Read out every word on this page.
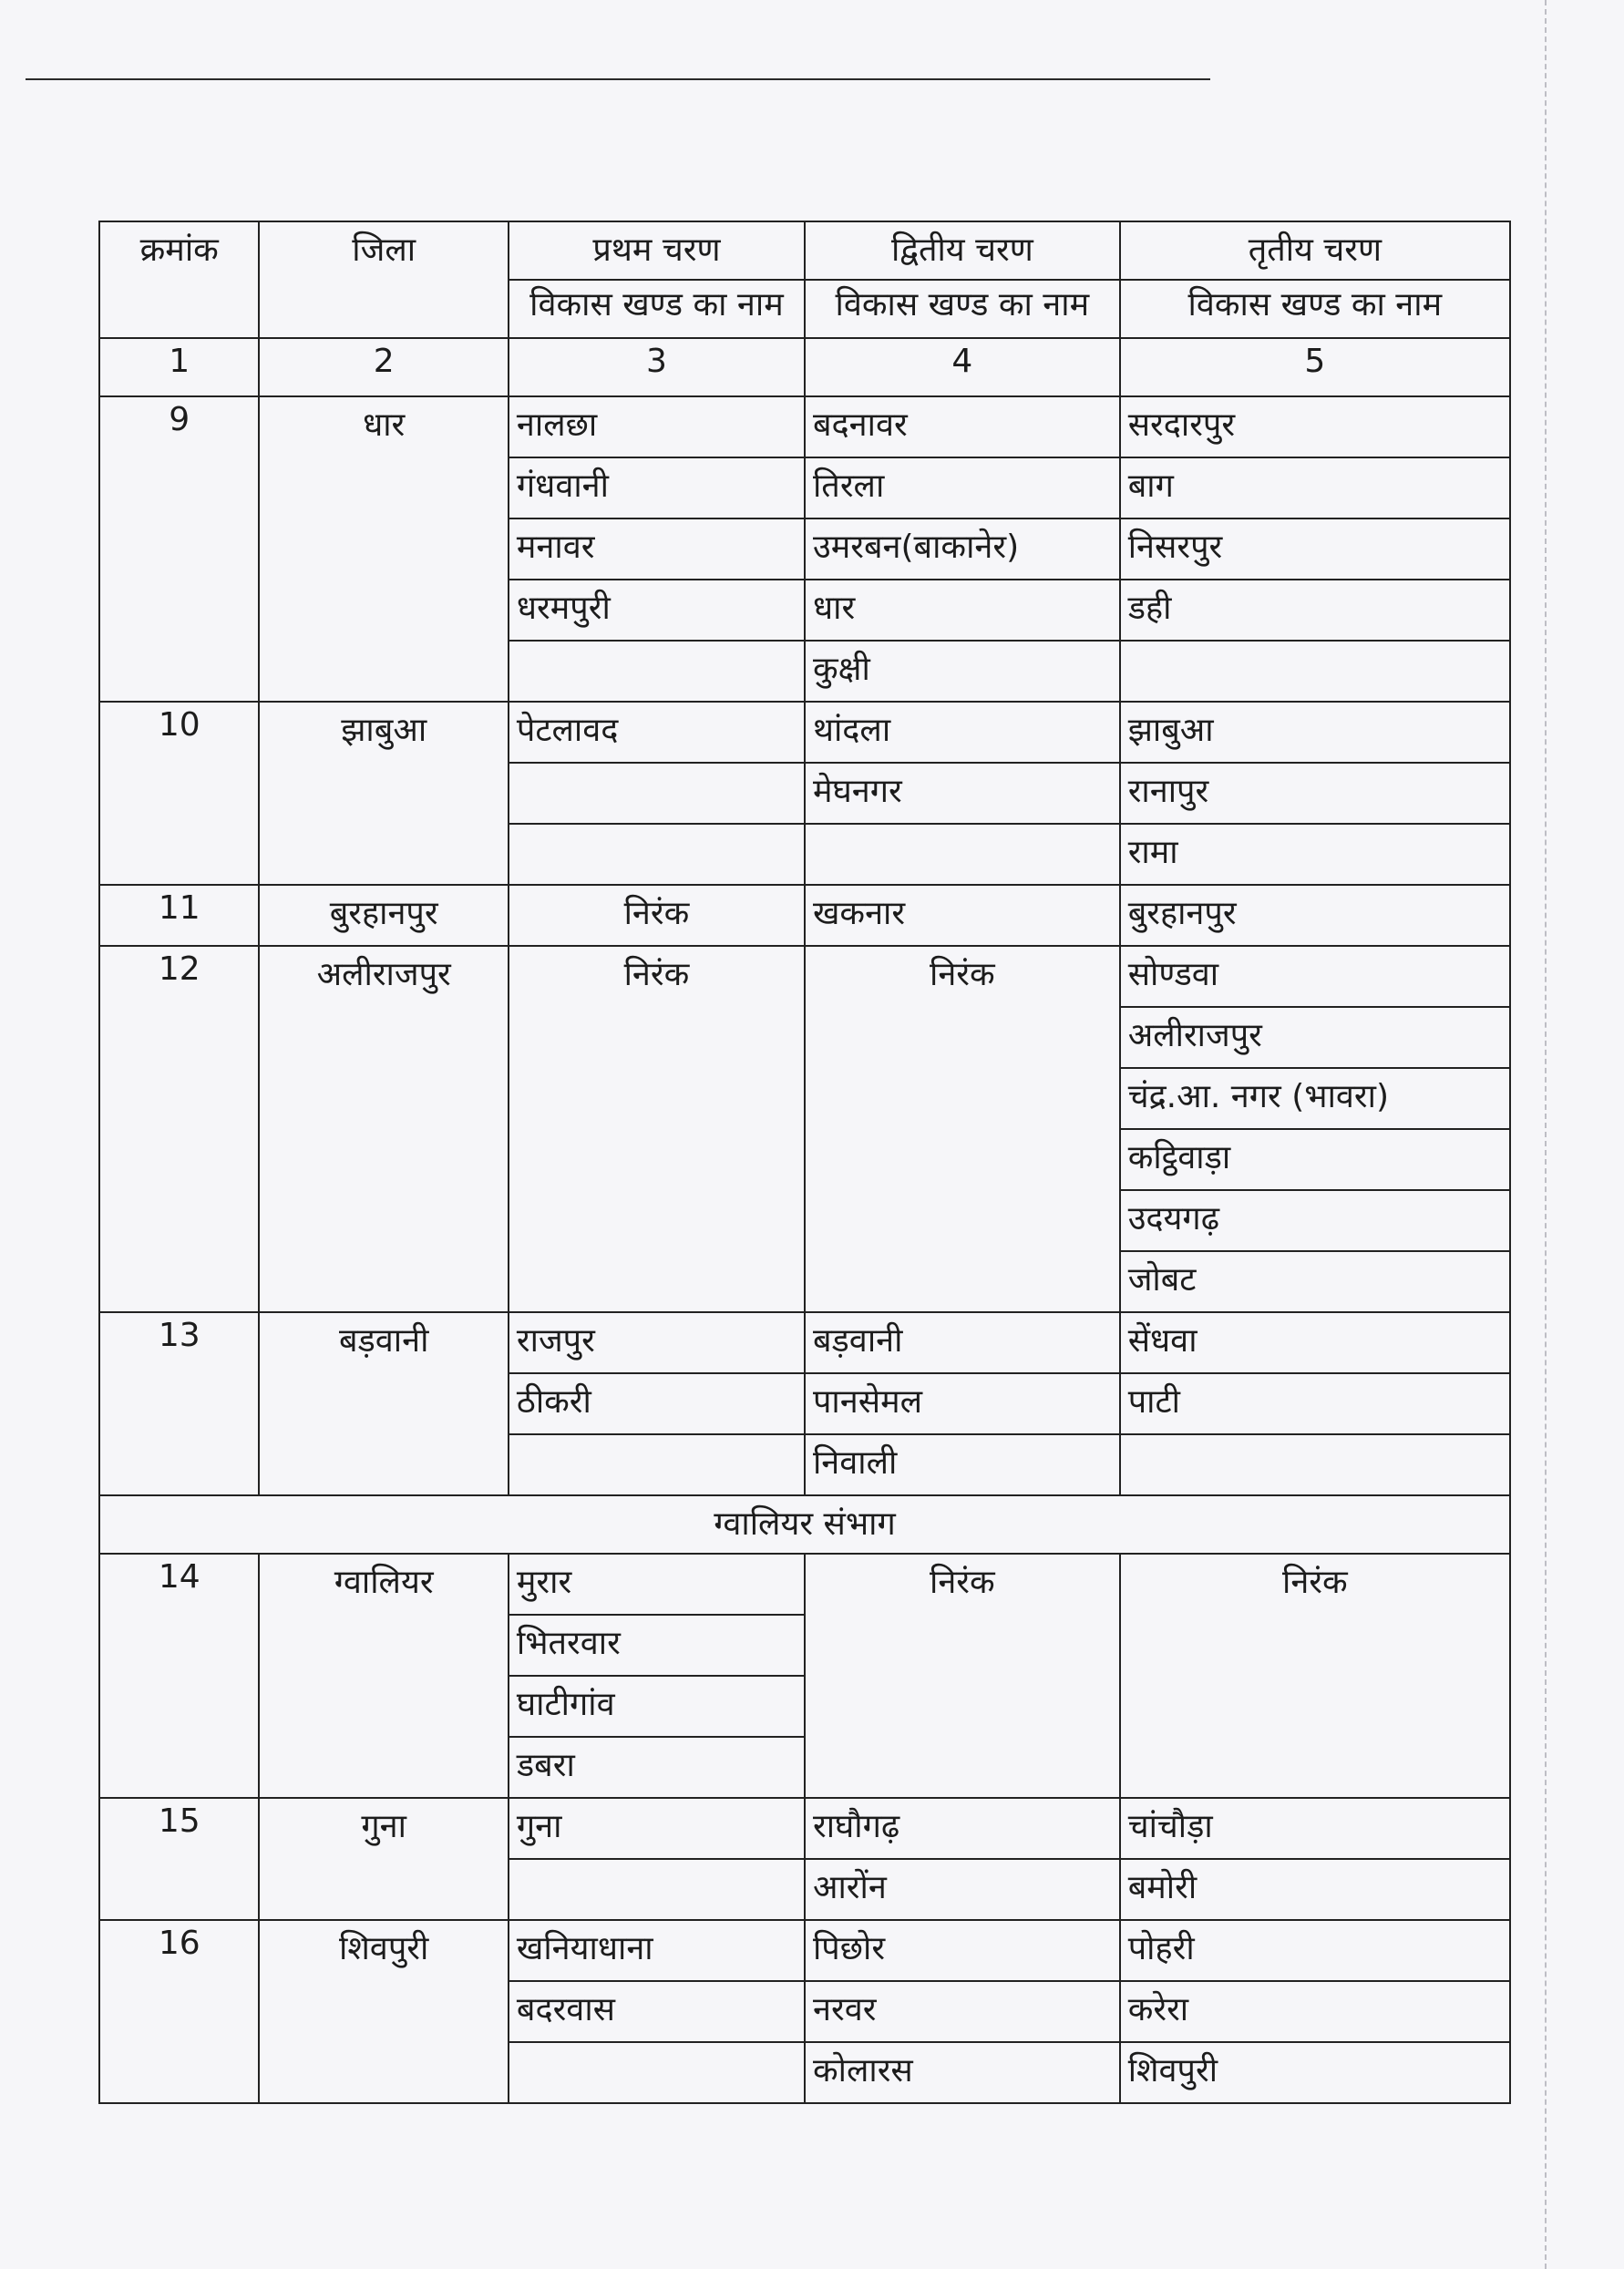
क्रमांक	जिला	प्रथम चरण	द्वितीय चरण	तृतीय चरण
		विकास खण्ड का नाम	विकास खण्ड का नाम	विकास खण्ड का नाम
1	2	3	4	5
9	धार	नालछा	बदनावर	सरदारपुर
		गंधवानी	तिरला	बाग
		मनावर	उमरबन(बाकानेर)	निसरपुर
		धरमपुरी	धार	डही
			कुक्षी	
10	झाबुआ	पेटलावद	थांदला	झाबुआ
			मेघनगर	रानापुर
				रामा
11	बुरहानपुर	निरंक	खकनार	बुरहानपुर
12	अलीराजपुर	निरंक	निरंक	सोण्डवा
				अलीराजपुर
				चंद्र.आ. नगर (भावरा)
				कट्ठिवाड़ा
				उदयगढ़
				जोबट
13	बड़वानी	राजपुर	बड़वानी	सेंधवा
		ठीकरी	पानसेमल	पाटी
			निवाली	
ग्वालियर संभाग				
14	ग्वालियर	मुरार	निरंक	निरंक
		भितरवार		
		घाटीगांव		
		डबरा		
15	गुना	गुना	राघौगढ़	चांचौड़ा
			आरोंन	बमोरी
16	शिवपुरी	खनियाधाना	पिछोर	पोहरी
		बदरवास	नरवर	करेरा
			कोलारस	शिवपुरी
